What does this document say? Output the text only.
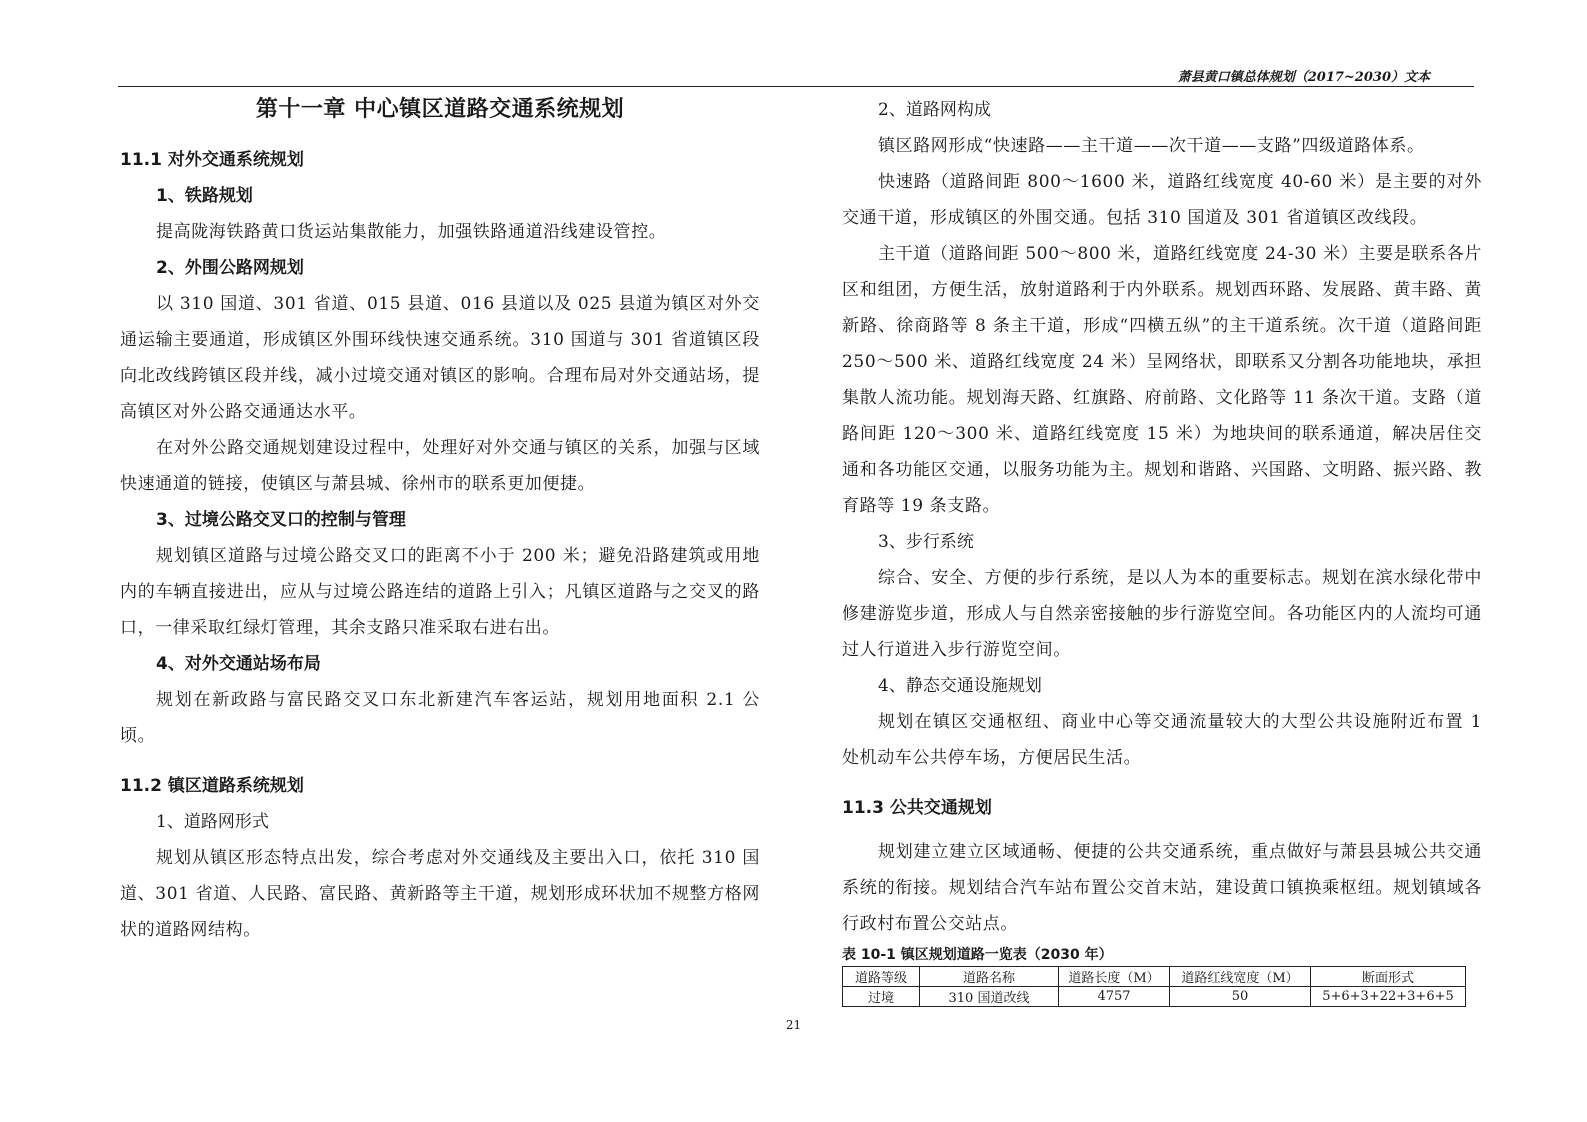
萧县黄口镇总体规划（2017~2030）文本
第十一章 中心镇区道路交通系统规划
11.1 对外交通系统规划
1、铁路规划

提高陇海铁路黄口货运站集散能力，加强铁路通道沿线建设管控。

2、外围公路网规划

以 310 国道、301 省道、015 县道、016 县道以及 025 县道为镇区对外交通运输主要通道，形成镇区外围环线快速交通系统。310 国道与 301 省道镇区段向北改线跨镇区段并线，减小过境交通对镇区的影响。合理布局对外交通站场，提高镇区对外公路交通通达水平。

在对外公路交通规划建设过程中，处理好对外交通与镇区的关系，加强与区域快速通道的链接，使镇区与萧县城、徐州市的联系更加便捷。

3、过境公路交叉口的控制与管理

规划镇区道路与过境公路交叉口的距离不小于 200 米；避免沿路建筑或用地内的车辆直接进出，应从与过境公路连结的道路上引入；凡镇区道路与之交叉的路口，一律采取红绿灯管理，其余支路只准采取右进右出。

4、对外交通站场布局

规划在新政路与富民路交叉口东北新建汽车客运站，规划用地面积 2.1 公顷。

11.2 镇区道路系统规划
1、道路网形式

规划从镇区形态特点出发，综合考虑对外交通线及主要出入口，依托 310 国道、301 省道、人民路、富民路、黄新路等主干道，规划形成环状加不规整方格网状的道路网结构。

2、道路网构成

镇区路网形成“快速路——主干道——次干道——支路”四级道路体系。

快速路（道路间距 800～1600 米，道路红线宽度 40-60 米）是主要的对外交通干道，形成镇区的外围交通。包括 310 国道及 301 省道镇区改线段。

主干道（道路间距 500～800 米，道路红线宽度 24-30 米）主要是联系各片区和组团，方便生活，放射道路利于内外联系。规划西环路、发展路、黄丰路、黄新路、徐商路等 8 条主干道，形成“四横五纵”的主干道系统。次干道（道路间距 250～500 米、道路红线宽度 24 米）呈网络状，即联系又分割各功能地块，承担集散人流功能。规划海天路、红旗路、府前路、文化路等 11 条次干道。支路（道路间距 120～300 米、道路红线宽度 15 米）为地块间的联系通道，解决居住交通和各功能区交通，以服务功能为主。规划和谐路、兴国路、文明路、振兴路、教育路等 19 条支路。

3、步行系统

综合、安全、方便的步行系统，是以人为本的重要标志。规划在滨水绿化带中修建游览步道，形成人与自然亲密接触的步行游览空间。各功能区内的人流均可通过人行道进入步行游览空间。

4、静态交通设施规划

规划在镇区交通枢纽、商业中心等交通流量较大的大型公共设施附近布置 1 处机动车公共停车场，方便居民生活。

11.3 公共交通规划

规划建立建立区域通畅、便捷的公共交通系统，重点做好与萧县县城公共交通系统的衔接。规划结合汽车站布置公交首末站，建设黄口镇换乘枢纽。规划镇域各行政村布置公交站点。

表 10-1 镇区规划道路一览表（2030 年）
道路等级	道路名称	道路长度（M）	道路红线宽度（M）	断面形式
过境	310 国道改线	4757	50	5+6+3+22+3+6+5
21
